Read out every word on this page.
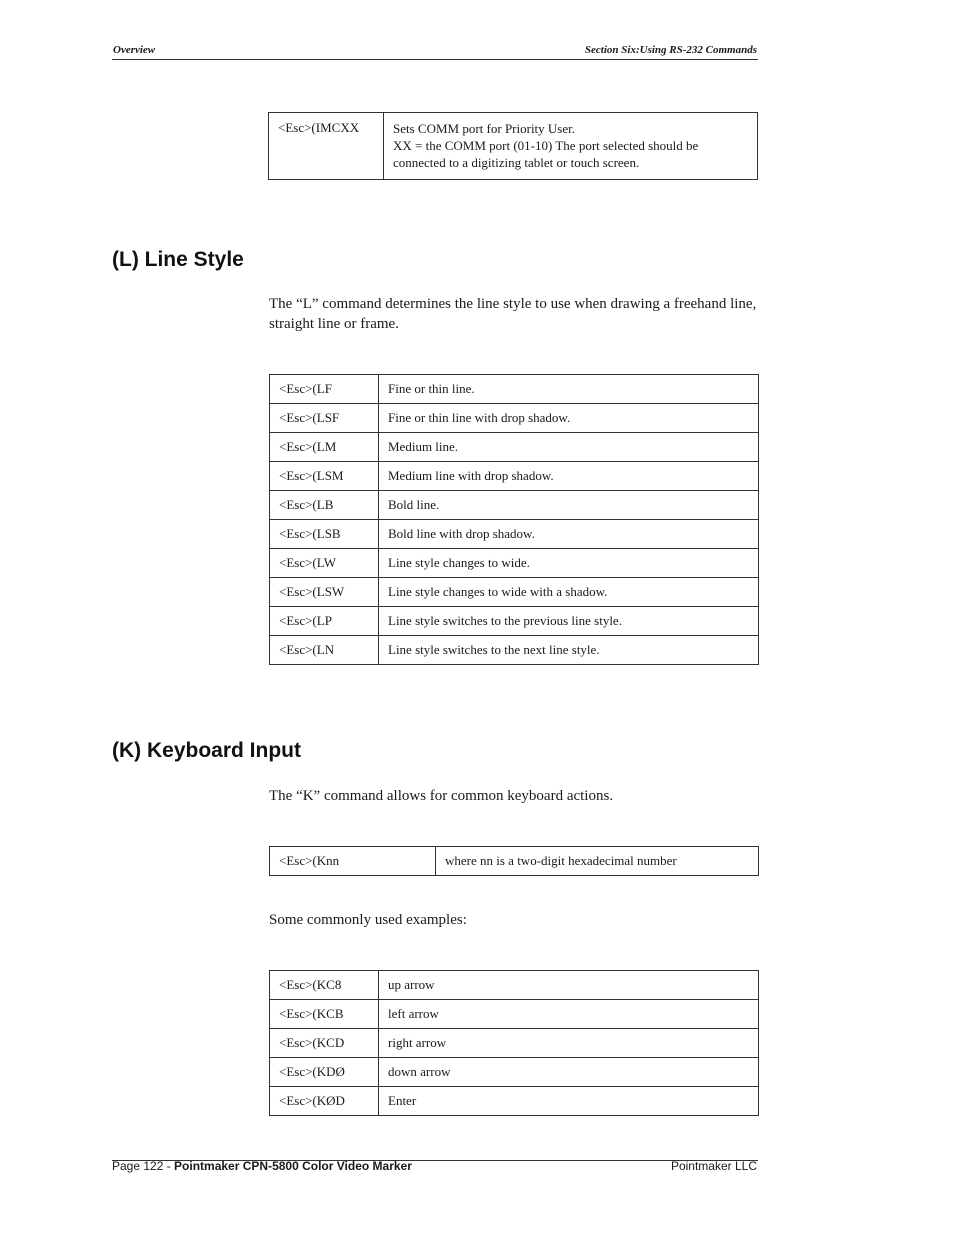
Overview	Section Six:Using RS-232 Commands
<Esc>(IMCXX	Sets COMM port for Priority User.
XX = the COMM port (01-10) The port selected should be
connected to a digitizing tablet or touch screen.
(L) Line Style

The “L” command determines the line style to use when drawing a freehand line,
straight line or frame.

<Esc>(LF	Fine or thin line.
<Esc>(LSF	Fine or thin line with drop shadow.
<Esc>(LM	Medium line.
<Esc>(LSM	Medium line with drop shadow.
<Esc>(LB	Bold line.
<Esc>(LSB	Bold line with drop shadow.
<Esc>(LW	Line style changes to wide.
<Esc>(LSW	Line style changes to wide with a shadow.
<Esc>(LP	Line style switches to the previous line style.
<Esc>(LN	Line style switches to the next line style.
(K) Keyboard Input

The “K” command allows for common keyboard actions.

<Esc>(Knn	where nn is a two-digit hexadecimal number

Some commonly used examples:

<Esc>(KC8	up arrow
<Esc>(KCB	left arrow
<Esc>(KCD	right arrow
<Esc>(KDØ	down arrow
<Esc>(KØD	Enter
Page 122 - Pointmaker CPN-5800 Color Video Marker	Pointmaker LLC
